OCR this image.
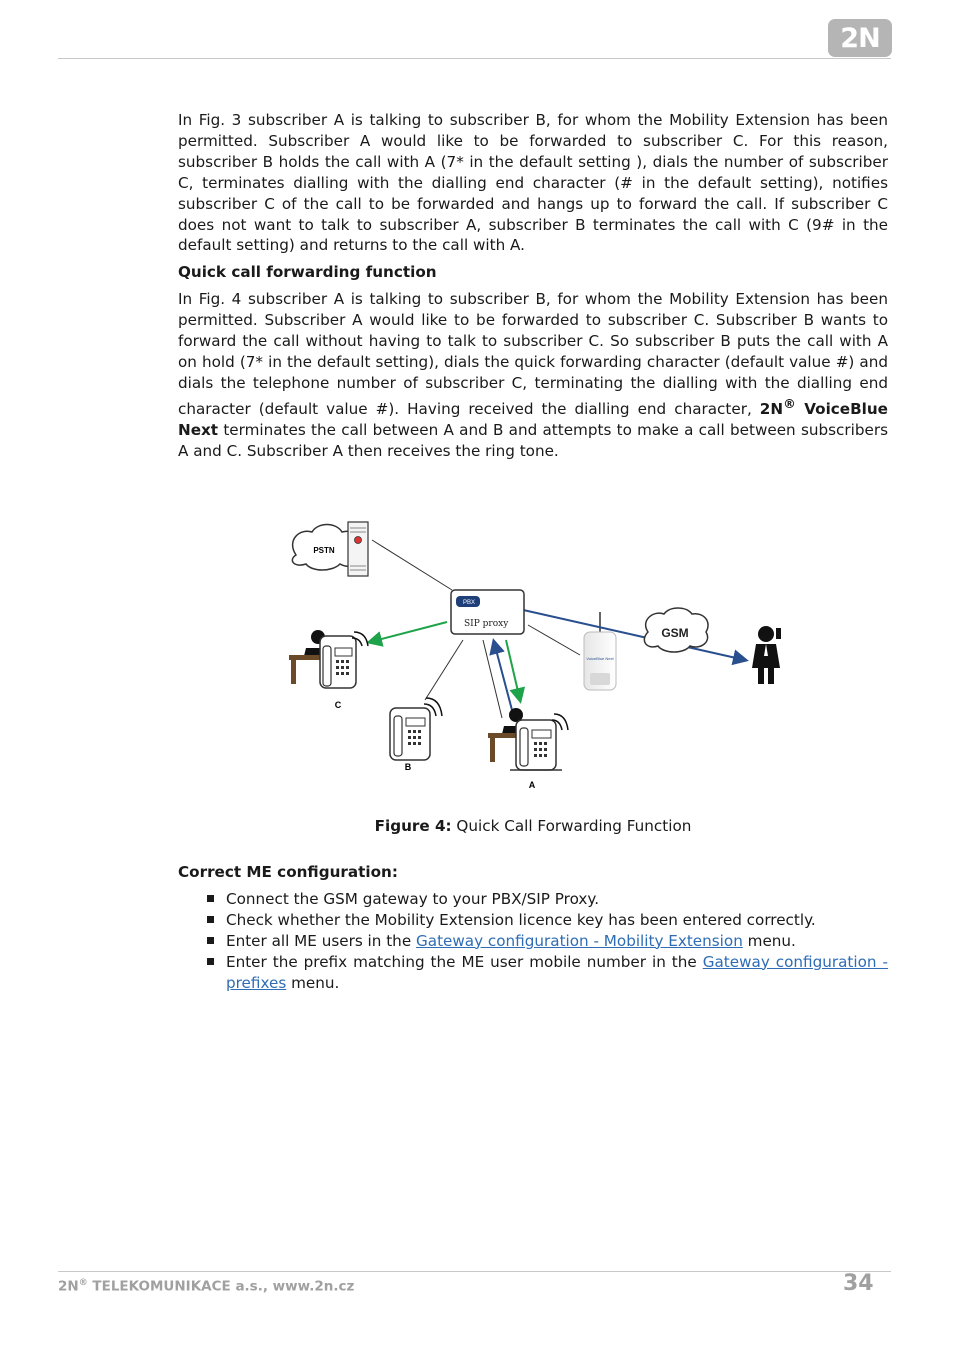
2N

In Fig. 3 subscriber A is talking to subscriber B, for whom the Mobility Extension has been permitted. Subscriber A would like to be forwarded to subscriber C. For this reason, subscriber B holds the call with A (7* in the default setting ), dials the number of subscriber C, terminates dialling with the dialling end character (# in the default setting), notifies subscriber C of the call to be forwarded and hangs up to forward the call. If subscriber C does not want to talk to subscriber A, subscriber B terminates the call with C (9# in the default setting) and returns to the call with A.

Quick call forwarding function

In Fig. 4 subscriber A is talking to subscriber B, for whom the Mobility Extension has been permitted. Subscriber A would like to be forwarded to subscriber C. Subscriber B wants to forward the call without having to talk to subscriber C. So subscriber B puts the call with A on hold (7* in the default setting), dials the quick forwarding character (default value #) and dials the telephone number of subscriber C, terminating the dialling with the dialling end character (default value #). Having received the dialling end character, 2N® VoiceBlue Next terminates the call between A and B and attempts to make a call between subscribers A and C. Subscriber A then receives the ring tone.

PSTN
PBX
SIP proxy
VoiceBlue Next
GSM
C
B
A
Figure 4: Quick Call Forwarding Function
Correct ME configuration:
Connect the GSM gateway to your PBX/SIP Proxy.
Check whether the Mobility Extension licence key has been entered correctly.
Enter all ME users in the Gateway configuration - Mobility Extension menu.
Enter the prefix matching the ME user mobile number in the Gateway configuration - prefixes menu.
2N® TELEKOMUNIKACE a.s., www.2n.cz	34
